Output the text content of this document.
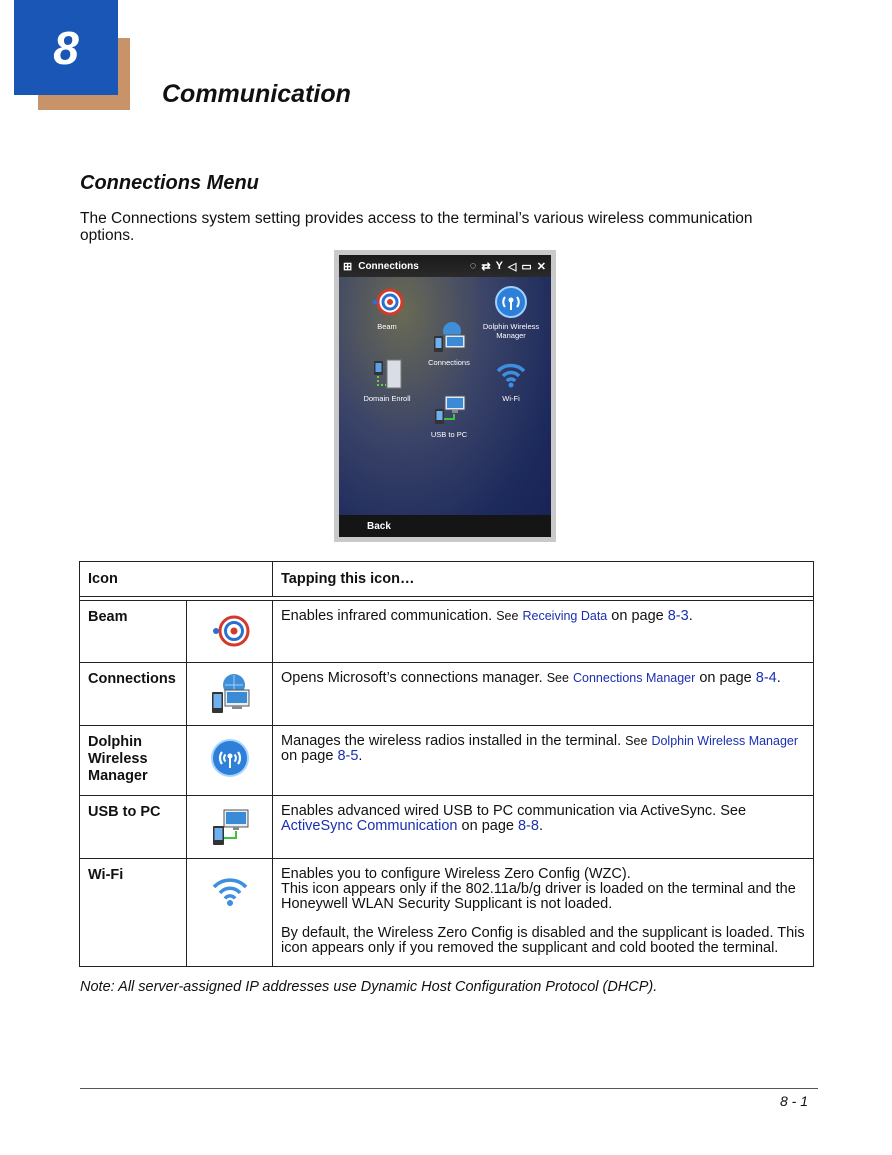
8
Communication
Connections Menu
The Connections system setting provides access to the terminal’s various wireless communication options.
⊞ Connections	◌ ⇄ Y ◁ ▭ ✕
Beam	Dolphin Wireless Manager
Connections
Domain Enroll	Wi-Fi
USB to PC
Back
Icon		Tapping this icon…

Beam		Enables infrared communication. See Receiving Data on page 8-3.
Connections		Opens Microsoft’s connections manager. See Connections Manager on page 8-4.
Dolphin Wireless Manager		Manages the wireless radios installed in the terminal. See Dolphin Wireless Manager on page 8-5.
USB to PC		Enables advanced wired USB to PC communication via ActiveSync. See
ActiveSync Communication on page 8-8.
Wi-Fi		Enables you to configure Wireless Zero Config (WZC).
This icon appears only if the 802.11a/b/g driver is loaded on the terminal and the Honeywell WLAN Security Supplicant is not loaded.
By default, the Wireless Zero Config is disabled and the supplicant is loaded. This icon appears only if you removed the supplicant and cold booted the terminal.
Note: All server-assigned IP addresses use Dynamic Host Configuration Protocol (DHCP).
8 - 1
